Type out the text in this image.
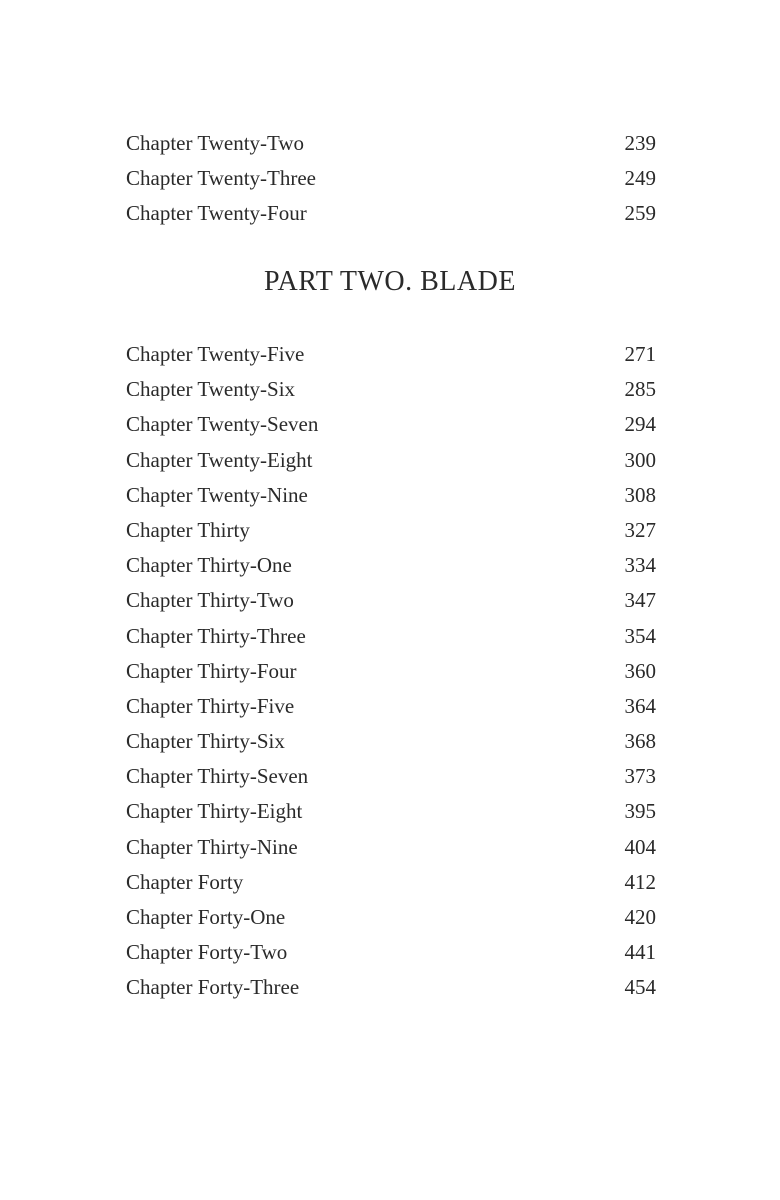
Chapter Twenty-Two	239
Chapter Twenty-Three	249
Chapter Twenty-Four	259
PART TWO. BLADE
Chapter Twenty-Five	271
Chapter Twenty-Six	285
Chapter Twenty-Seven	294
Chapter Twenty-Eight	300
Chapter Twenty-Nine	308
Chapter Thirty	327
Chapter Thirty-One	334
Chapter Thirty-Two	347
Chapter Thirty-Three	354
Chapter Thirty-Four	360
Chapter Thirty-Five	364
Chapter Thirty-Six	368
Chapter Thirty-Seven	373
Chapter Thirty-Eight	395
Chapter Thirty-Nine	404
Chapter Forty	412
Chapter Forty-One	420
Chapter Forty-Two	441
Chapter Forty-Three	454
